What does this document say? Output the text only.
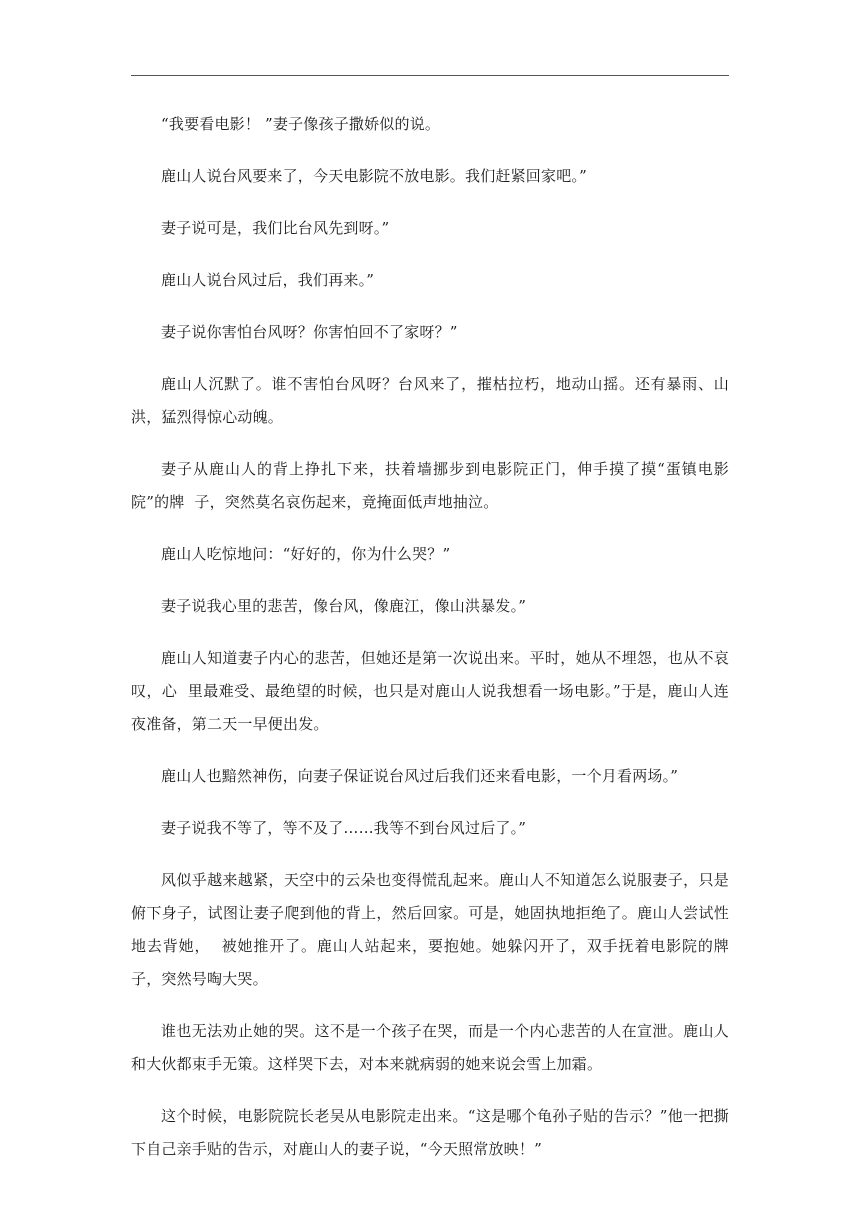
“我要看电影！ ”妻子像孩子撒娇似的说。

鹿山人说台风要来了，今天电影院不放电影。我们赶紧回家吧。”

妻子说可是，我们比台风先到呀。”

鹿山人说台风过后，我们再来。”

妻子说你害怕台风呀？你害怕回不了家呀？”

鹿山人沉默了。谁不害怕台风呀？台风来了，摧枯拉朽，地动山摇。还有暴雨、山洪，猛烈得惊心动魄。

妻子从鹿山人的背上挣扎下来，扶着墙挪步到电影院正门，伸手摸了摸“蛋镇电影院”的牌  子，突然莫名哀伤起来，竟掩面低声地抽泣。

鹿山人吃惊地问：“好好的，你为什么哭？”

妻子说我心里的悲苦，像台风，像鹿江，像山洪暴发。”

鹿山人知道妻子内心的悲苦，但她还是第一次说出来。平时，她从不埋怨，也从不哀叹，心  里最难受、最绝望的时候，也只是对鹿山人说我想看一场电影。”于是，鹿山人连夜准备，第二天一早便出发。

鹿山人也黯然神伤，向妻子保证说台风过后我们还来看电影，一个月看两场。”

妻子说我不等了，等不及了……我等不到台风过后了。”

风似乎越来越紧，天空中的云朵也变得慌乱起来。鹿山人不知道怎么说服妻子，只是俯下身子，试图让妻子爬到他的背上，然后回家。可是，她固执地拒绝了。鹿山人尝试性地去背她，  被她推开了。鹿山人站起来，要抱她。她躲闪开了，双手抚着电影院的牌子，突然号啕大哭。

谁也无法劝止她的哭。这不是一个孩子在哭，而是一个内心悲苦的人在宣泄。鹿山人和大伙都束手无策。这样哭下去，对本来就病弱的她来说会雪上加霜。

这个时候，电影院院长老吴从电影院走出来。“这是哪个龟孙子贴的告示？”他一把撕下自己亲手贴的告示，对鹿山人的妻子说，“今天照常放映！”
